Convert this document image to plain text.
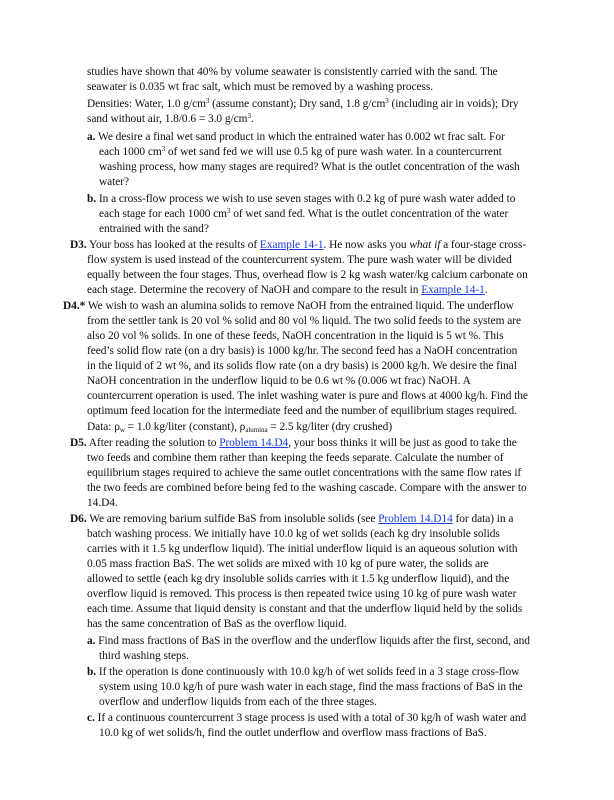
studies have shown that 40% by volume seawater is consistently carried with the sand. The
seawater is 0.035 wt frac salt, which must be removed by a washing process.
Densities: Water, 1.0 $g/cm^3$ (assume constant); Dry sand, 1.8 $g/cm^3$ (including air in voids); Dry
sand without air, 1.8/0.6 = 3.0 $g/cm^3$.
a. We desire a final wet sand product in which the entrained water has 0.002 wt frac salt. For
each 1000 $cm^3$ of wet sand fed we will use 0.5 kg of pure wash water. In a countercurrent
washing process, how many stages are required? What is the outlet concentration of the wash
water?
b. In a cross-flow process we wish to use seven stages with 0.2 kg of pure wash water added to
each stage for each 1000 $cm^3$ of wet sand fed. What is the outlet concentration of the water
entrained with the sand?
D3. Your boss has looked at the results of Example 14-1. He now asks you what if a four-stage cross-
flow system is used instead of the countercurrent system. The pure wash water will be divided
equally between the four stages. Thus, overhead flow is 2 kg wash water/kg calcium carbonate on
each stage. Determine the recovery of NaOH and compare to the result in Example 14-1.
D4.* We wish to wash an alumina solids to remove NaOH from the entrained liquid. The underflow
from the settler tank is 20 vol % solid and 80 vol % liquid. The two solid feeds to the system are
also 20 vol % solids. In one of these feeds, NaOH concentration in the liquid is 5 wt %. This
feed’s solid flow rate (on a dry basis) is 1000 kg/hr. The second feed has a NaOH concentration
in the liquid of 2 wt %, and its solids flow rate (on a dry basis) is 2000 kg/h. We desire the final
NaOH concentration in the underflow liquid to be 0.6 wt % (0.006 wt frac) NaOH. A
countercurrent operation is used. The inlet washing water is pure and flows at 4000 kg/h. Find the
optimum feed location for the intermediate feed and the number of equilibrium stages required.
Data: $\rho_w = 1.0$ kg/liter (constant), $\rho_{alumina} = 2.5$ kg/liter (dry crushed)
D5. After reading the solution to Problem 14.D4, your boss thinks it will be just as good to take the
two feeds and combine them rather than keeping the feeds separate. Calculate the number of
equilibrium stages required to achieve the same outlet concentrations with the same flow rates if
the two feeds are combined before being fed to the washing cascade. Compare with the answer to
14.D4.
D6. We are removing barium sulfide BaS from insoluble solids (see Problem 14.D14 for data) in a
batch washing process. We initially have 10.0 kg of wet solids (each kg dry insoluble solids
carries with it 1.5 kg underflow liquid). The initial underflow liquid is an aqueous solution with
0.05 mass fraction BaS. The wet solids are mixed with 10 kg of pure water, the solids are
allowed to settle (each kg dry insoluble solids carries with it 1.5 kg underflow liquid), and the
overflow liquid is removed. This process is then repeated twice using 10 kg of pure wash water
each time. Assume that liquid density is constant and that the underflow liquid held by the solids
has the same concentration of BaS as the overflow liquid.
a. Find mass fractions of BaS in the overflow and the underflow liquids after the first, second, and
third washing steps.
b. If the operation is done continuously with 10.0 kg/h of wet solids feed in a 3 stage cross-flow
system using 10.0 kg/h of pure wash water in each stage, find the mass fractions of BaS in the
overflow and underflow liquids from each of the three stages.
c. If a continuous countercurrent 3 stage process is used with a total of 30 kg/h of wash water and
10.0 kg of wet solids/h, find the outlet underflow and overflow mass fractions of BaS.
